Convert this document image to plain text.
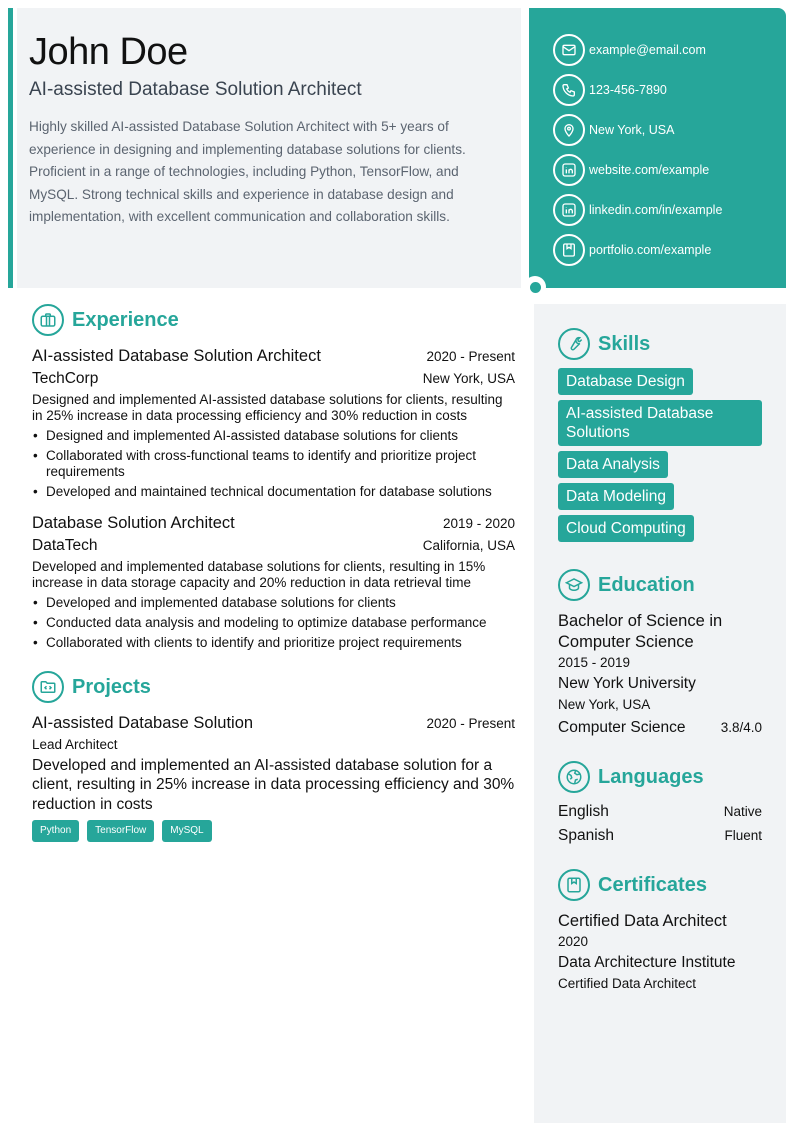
John Doe
AI-assisted Database Solution Architect

Highly skilled AI-assisted Database Solution Architect with 5+ years of experience in designing and implementing database solutions for clients. Proficient in a range of technologies, including Python, TensorFlow, and MySQL. Strong technical skills and experience in database design and implementation, with excellent communication and collaboration skills.

example@email.com
123-456-7890
New York, USA
website.com/example
linkedin.com/in/example
portfolio.com/example
Experience
AI-assisted Database Solution Architect	2020 - Present
TechCorp	New York, USA

Designed and implemented AI-assisted database solutions for clients, resulting in 25% increase in data processing efficiency and 30% reduction in costs

• Designed and implemented AI-assisted database solutions for clients
• Collaborated with cross-functional teams to identify and prioritize project requirements
• Developed and maintained technical documentation for database solutions
Database Solution Architect	2019 - 2020
DataTech	California, USA

Developed and implemented database solutions for clients, resulting in 15% increase in data storage capacity and 20% reduction in data retrieval time

• Developed and implemented database solutions for clients
• Conducted data analysis and modeling to optimize database performance
• Collaborated with clients to identify and prioritize project requirements
Projects
AI-assisted Database Solution	2020 - Present
Lead Architect

Developed and implemented an AI-assisted database solution for a client, resulting in 25% increase in data processing efficiency and 30% reduction in costs

Python	TensorFlow	MySQL
Skills
Database Design
AI-assisted Database Solutions
Data Analysis
Data Modeling
Cloud Computing
Education
Bachelor of Science in Computer Science
2015 - 2019
New York University
New York, USA
Computer Science	3.8/4.0
Languages
English	Native
Spanish	Fluent
Certificates
Certified Data Architect
2020
Data Architecture Institute
Certified Data Architect
